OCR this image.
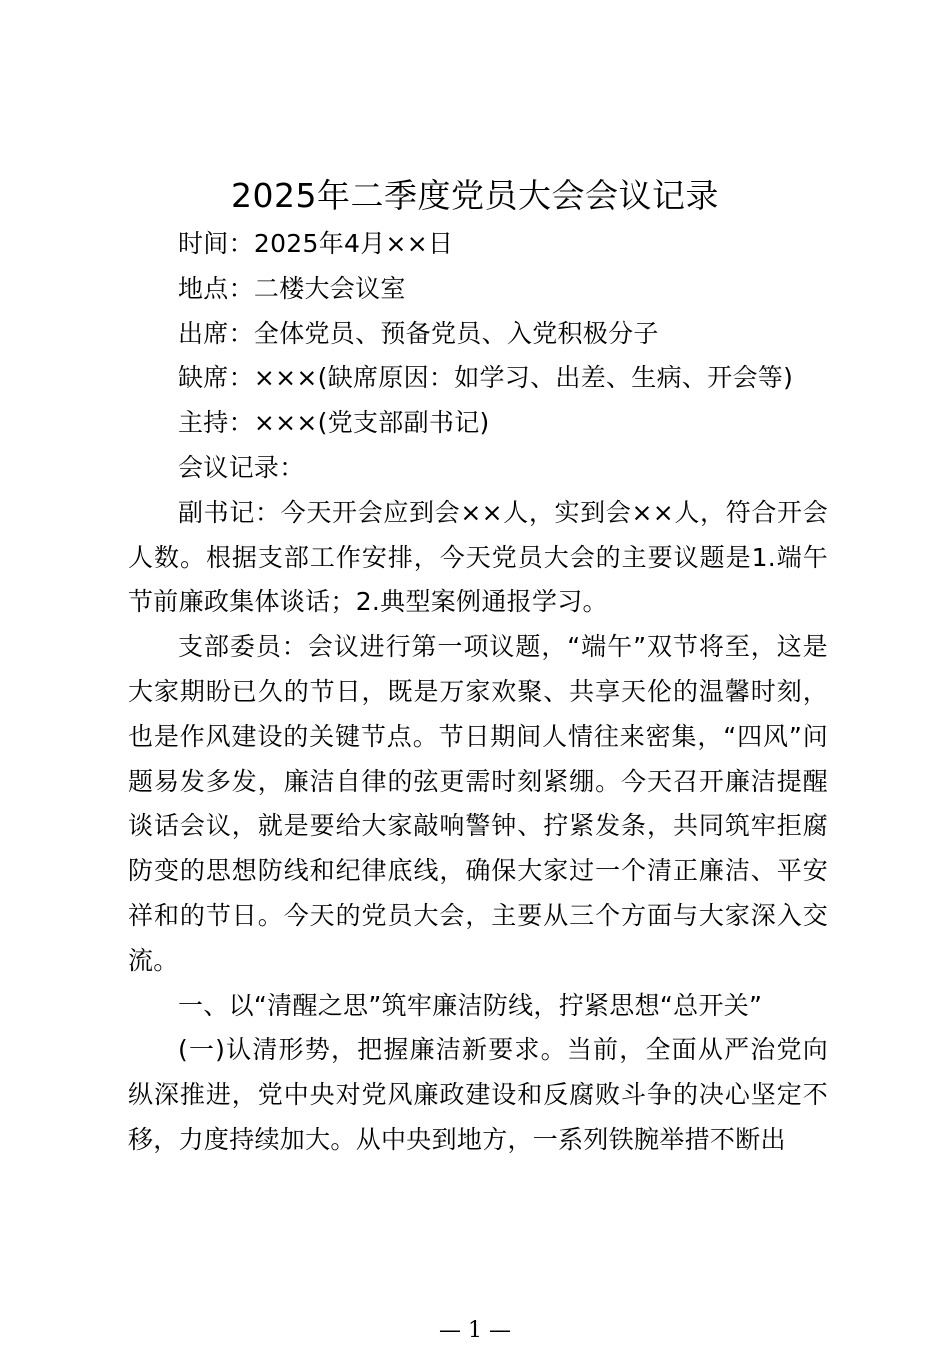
2025年二季度党员大会会议记录

时间：2025年4月××日

地点：二楼大会议室

出席：全体党员、预备党员、入党积极分子

缺席：×××(缺席原因：如学习、出差、生病、开会等)

主持：×××(党支部副书记)

会议记录：

副书记：今天开会应到会××人，实到会××人，符合开会人数。根据支部工作安排，今天党员大会的主要议题是1.端午节前廉政集体谈话；2.典型案例通报学习。

支部委员：会议进行第一项议题，“端午”双节将至，这是大家期盼已久的节日，既是万家欢聚、共享天伦的温馨时刻，也是作风建设的关键节点。节日期间人情往来密集，“四风”问题易发多发，廉洁自律的弦更需时刻紧绷。今天召开廉洁提醒谈话会议，就是要给大家敲响警钟、拧紧发条，共同筑牢拒腐防变的思想防线和纪律底线，确保大家过一个清正廉洁、平安祥和的节日。今天的党员大会，主要从三个方面与大家深入交流。

一、以“清醒之思”筑牢廉洁防线，拧紧思想“总开关”

(一)认清形势，把握廉洁新要求。当前，全面从严治党向纵深推进，党中央对党风廉政建设和反腐败斗争的决心坚定不移，力度持续加大。从中央到地方，一系列铁腕举措不断出

— 1 —
